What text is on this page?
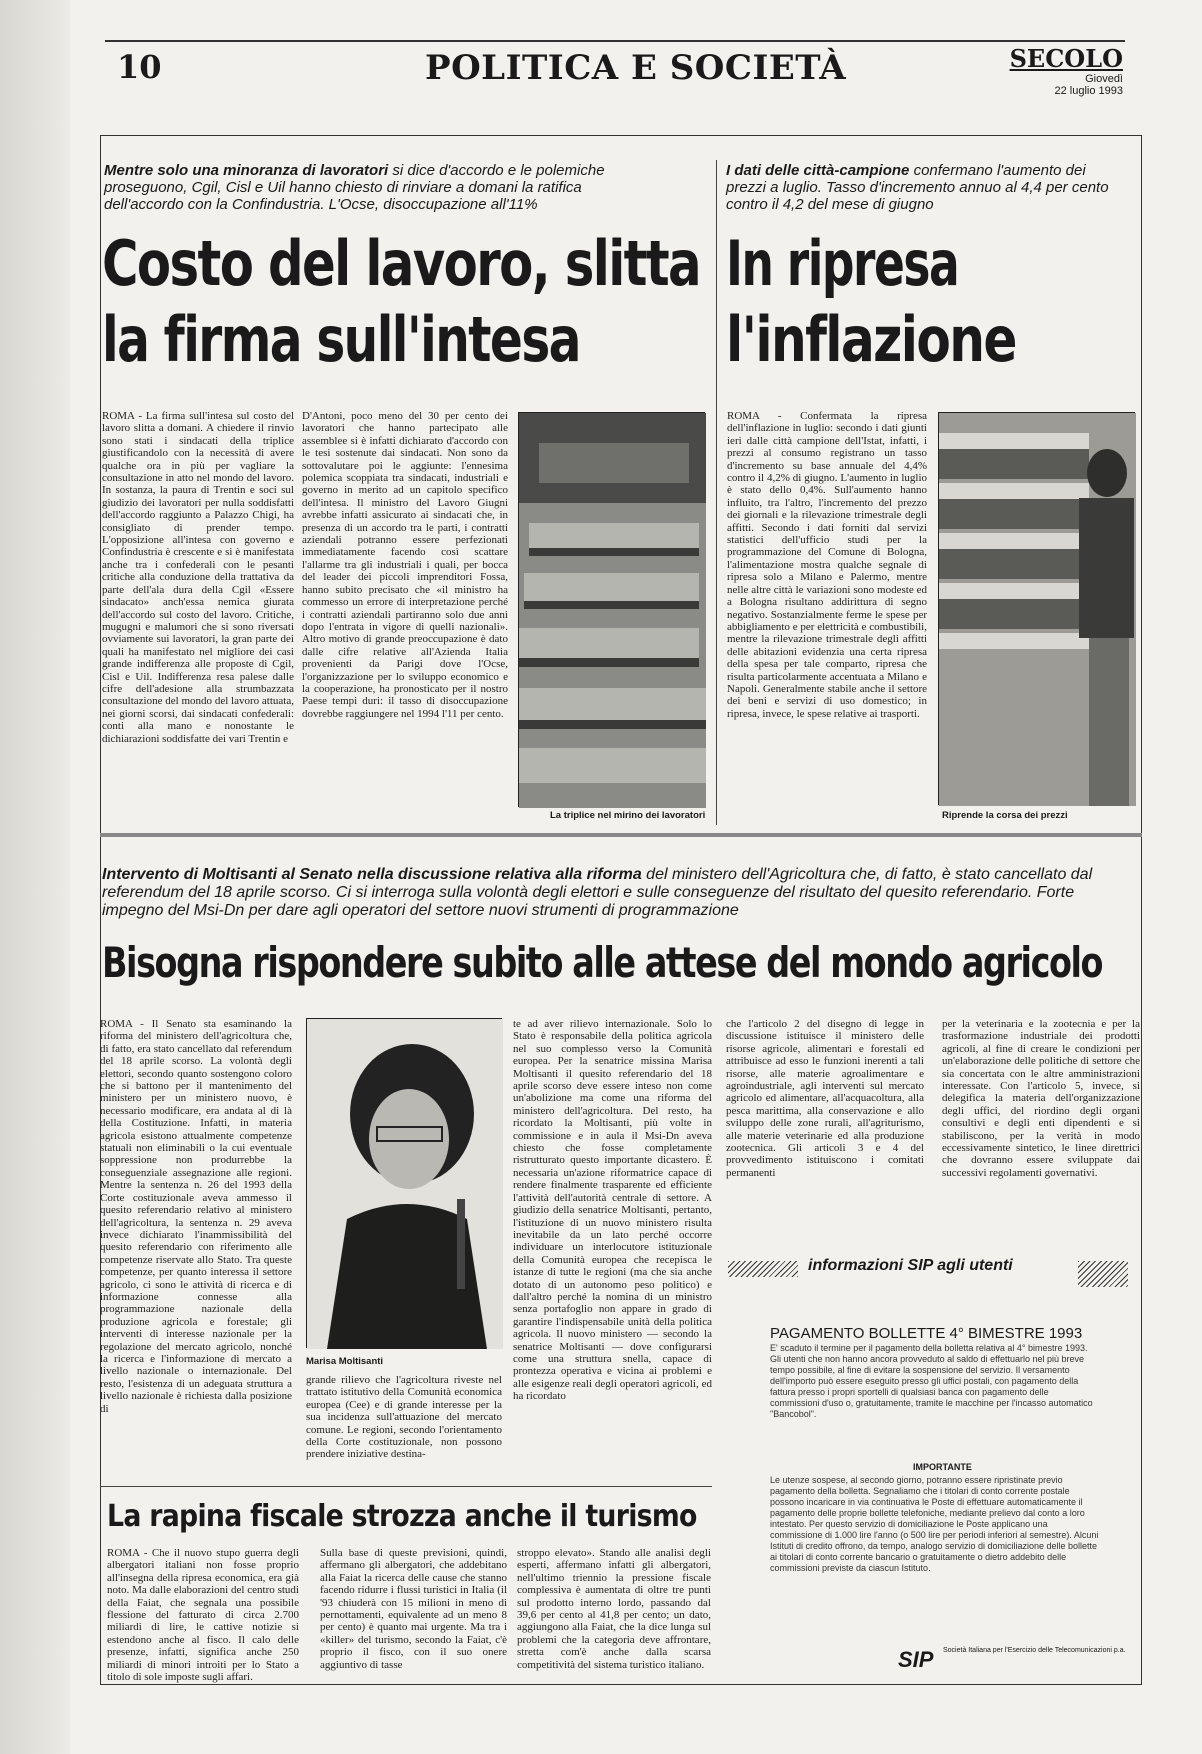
10	POLITICA E SOCIETÀ	SECOLO
Giovedì
22 luglio 1993
Mentre solo una minoranza di lavoratori si dice d'accordo e le polemiche proseguono, Cgil, Cisl e Uil hanno chiesto di rinviare a domani la ratifica dell'accordo con la Confindustria. L'Ocse, disoccupazione all'11%
Costo del lavoro, slitta
la firma sull'intesa
ROMA - La firma sull'intesa sul costo del lavoro slitta a domani. A chiedere il rinvio sono stati i sindacati della triplice giustificandolo con la necessità di avere qualche ora in più per vagliare la consultazione in atto nel mondo del lavoro. In sostanza, la paura di Trentin e soci sul giudizio dei lavoratori per nulla soddisfatti dell'accordo raggiunto a Palazzo Chigi, ha consigliato di prender tempo. L'opposizione all'intesa con governo e Confindustria è crescente e si è manifestata anche tra i confederali con le pesanti critiche alla conduzione della trattativa da parte dell'ala dura della Cgil «Essere sindacato» anch'essa nemica giurata dell'accordo sul costo del lavoro. Critiche, mugugni e malumori che si sono riversati ovviamente sui lavoratori, la gran parte dei quali ha manifestato nel migliore dei casi grande indifferenza alle proposte di Cgil, Cisl e Uil. Indifferenza resa palese dalle cifre dell'adesione alla strumbazzata consultazione del mondo del lavoro attuata, nei giorni scorsi, dai sindacati confederali: conti alla mano e nonostante le dichiarazioni soddisfatte dei vari Trentin e
D'Antoni, poco meno del 30 per cento dei lavoratori che hanno partecipato alle assemblee si è infatti dichiarato d'accordo con le tesi sostenute dai sindacati. Non sono da sottovalutare poi le aggiunte: l'ennesima polemica scoppiata tra sindacati, industriali e governo in merito ad un capitolo specifico dell'intesa. Il ministro del Lavoro Giugni avrebbe infatti assicurato ai sindacati che, in presenza di un accordo tra le parti, i contratti aziendali potranno essere perfezionati immediatamente facendo così scattare l'allarme tra gli industriali i quali, per bocca del leader dei piccoli imprenditori Fossa, hanno subito precisato che «il ministro ha commesso un errore di interpretazione perché i contratti aziendali partiranno solo due anni dopo l'entrata in vigore di quelli nazionali». Altro motivo di grande preoccupazione è dato dalle cifre relative all'Azienda Italia provenienti da Parigi dove l'Ocse, l'organizzazione per lo sviluppo economico e la cooperazione, ha pronosticato per il nostro Paese tempi duri: il tasso di disoccupazione dovrebbe raggiungere nel 1994 l'11 per cento.
La triplice nel mirino dei lavoratori
I dati delle città-campione confermano l'aumento dei prezzi a luglio. Tasso d'incremento annuo al 4,4 per cento contro il 4,2 del mese di giugno
In ripresa
l'inflazione
ROMA - Confermata la ripresa dell'inflazione in luglio: secondo i dati giunti ieri dalle città campione dell'Istat, infatti, i prezzi al consumo registrano un tasso d'incremento su base annuale del 4,4% contro il 4,2% di giugno. L'aumento in luglio è stato dello 0,4%. Sull'aumento hanno influito, tra l'altro, l'incremento del prezzo dei giornali e la rilevazione trimestrale degli affitti. Secondo i dati forniti dal servizi statistici dell'ufficio studi per la programmazione del Comune di Bologna, l'alimentazione mostra qualche segnale di ripresa solo a Milano e Palermo, mentre nelle altre città le variazioni sono modeste ed a Bologna risultano addirittura di segno negativo. Sostanzialmente ferme le spese per abbigliamento e per elettricità e combustibili, mentre la rilevazione trimestrale degli affitti delle abitazioni evidenzia una certa ripresa della spesa per tale comparto, ripresa che risulta particolarmente accentuata a Milano e Napoli. Generalmente stabile anche il settore dei beni e servizi di uso domestico; in ripresa, invece, le spese relative ai trasporti.
Riprende la corsa dei prezzi
Intervento di Moltisanti al Senato nella discussione relativa alla riforma del ministero dell'Agricoltura che, di fatto, è stato cancellato dal referendum del 18 aprile scorso. Ci si interroga sulla volontà degli elettori e sulle conseguenze del risultato del quesito referendario. Forte impegno del Msi-Dn per dare agli operatori del settore nuovi strumenti di programmazione
Bisogna rispondere subito alle attese del mondo agricolo
ROMA - Il Senato sta esaminando la riforma del ministero dell'agricoltura che, di fatto, era stato cancellato dal referendum del 18 aprile scorso. La volontà degli elettori, secondo quanto sostengono coloro che si battono per il mantenimento del ministero per un ministero nuovo, è necessario modificare, era andata al di là della Costituzione. Infatti, in materia agricola esistono attualmente competenze statuali non eliminabili o la cui eventuale soppressione non produrrebbe la conseguenziale assegnazione alle regioni. Mentre la sentenza n. 26 del 1993 della Corte costituzionale aveva ammesso il quesito referendario relativo al ministero dell'agricoltura, la sentenza n. 29 aveva invece dichiarato l'inammissibilità del quesito referendario con riferimento alle competenze riservate allo Stato. Tra queste competenze, per quanto interessa il settore agricolo, ci sono le attività di ricerca e di informazione connesse alla programmazione nazionale della produzione agricola e forestale; gli interventi di interesse nazionale per la regolazione del mercato agricolo, nonché la ricerca e l'informazione di mercato a livello nazionale o internazionale. Del resto, l'esistenza di un adeguata struttura a livello nazionale è richiesta dalla posizione di
Marisa Moltisanti
grande rilievo che l'agricoltura riveste nel trattato istitutivo della Comunità economica europea (Cee) e di grande interesse per la sua incidenza sull'attuazione del mercato comune. Le regioni, secondo l'orientamento della Corte costituzionale, non possono prendere iniziative destina-
te ad aver rilievo internazionale. Solo lo Stato è responsabile della politica agricola nel suo complesso verso la Comunità europea. Per la senatrice missina Marisa Moltisanti il quesito referendario del 18 aprile scorso deve essere inteso non come un'abolizione ma come una riforma del ministero dell'agricoltura. Del resto, ha ricordato la Moltisanti, più volte in commissione e in aula il Msi-Dn aveva chiesto che fosse completamente ristrutturato questo importante dicastero. È necessaria un'azione riformatrice capace di rendere finalmente trasparente ed efficiente l'attività dell'autorità centrale di settore. A giudizio della senatrice Moltisanti, pertanto, l'istituzione di un nuovo ministero risulta inevitabile da un lato perché occorre individuare un interlocutore istituzionale della Comunità europea che recepisca le istanze di tutte le regioni (ma che sia anche dotato di un autonomo peso politico) e dall'altro perché la nomina di un ministro senza portafoglio non appare in grado di garantire l'indispensabile unità della politica agricola. Il nuovo ministero — secondo la senatrice Moltisanti — dove configurarsi come una struttura snella, capace di prontezza operativa e vicina ai problemi e alle esigenze reali degli operatori agricoli, ed ha ricordato
che l'articolo 2 del disegno di legge in discussione istituisce il ministero delle risorse agricole, alimentari e forestali ed attribuisce ad esso le funzioni inerenti a tali risorse, alle materie agroalimentare e agroindustriale, agli interventi sul mercato agricolo ed alimentare, all'acquacoltura, alla pesca marittima, alla conservazione e allo sviluppo delle zone rurali, all'agriturismo, alle materie veterinarie ed alla produzione zootecnica. Gli articoli 3 e 4 del provvedimento istituiscono i comitati permanenti
per la veterinaria e la zootecnia e per la trasformazione industriale dei prodotti agricoli, al fine di creare le condizioni per un'elaborazione delle politiche di settore che sia concertata con le altre amministrazioni interessate. Con l'articolo 5, invece, si delegifica la materia dell'organizzazione degli uffici, del riordino degli organi consultivi e degli enti dipendenti e si stabiliscono, per la verità in modo eccessivamente sintetico, le linee direttrici che dovranno essere sviluppate dai successivi regolamenti governativi.
La rapina fiscale strozza anche il turismo
ROMA - Che il nuovo stupo guerra degli albergatori italiani non fosse proprio all'insegna della ripresa economica, era già noto. Ma dalle elaborazioni del centro studi della Faiat, che segnala una possibile flessione del fatturato di circa 2.700 miliardi di lire, le cattive notizie si estendono anche al fisco. Il calo delle presenze, infatti, significa anche 250 miliardi di minori introiti per lo Stato a titolo di sole imposte sugli affari.
Sulla base di queste previsioni, quindi, affermano gli albergatori, che addebitano alla Faiat la ricerca delle cause che stanno facendo ridurre i flussi turistici in Italia (il '93 chiuderà con 15 milioni in meno di pernottamenti, equivalente ad un meno 8 per cento) è quanto mai urgente. Ma tra i «killer» del turismo, secondo la Faiat, c'è proprio il fisco, con il suo onere aggiuntivo di tasse
stroppo elevato». Stando alle analisi degli esperti, affermano infatti gli albergatori, nell'ultimo triennio la pressione fiscale complessiva è aumentata di oltre tre punti sul prodotto interno lordo, passando dal 39,6 per cento al 41,8 per cento; un dato, aggiungono alla Faiat, che la dice lunga sul problemi che la categoria deve affrontare, stretta com'è anche dalla scarsa competitività del sistema turistico italiano.
informazioni SIP agli utenti
PAGAMENTO BOLLETTE 4° BIMESTRE 1993
E' scaduto il termine per il pagamento della bolletta relativa al 4° bimestre 1993. Gli utenti che non hanno ancora provveduto al saldo di effettuarlo nel più breve tempo possibile, al fine di evitare la sospensione del servizio. Il versamento dell'importo può essere eseguito presso gli uffici postali, con pagamento della fattura presso i propri sportelli di qualsiasi banca con pagamento delle commissioni d'uso o, gratuitamente, tramite le macchine per l'incasso automatico "Bancobol".
IMPORTANTE
Le utenze sospese, al secondo giorno, potranno essere ripristinate previo pagamento della bolletta. Segnaliamo che i titolari di conto corrente postale possono incaricare in via continuativa le Poste di effettuare automaticamente il pagamento delle proprie bollette telefoniche, mediante prelievo dal conto a loro intestato. Per questo servizio di domiciliazione le Poste applicano una commissione di 1.000 lire l'anno (o 500 lire per periodi inferiori al semestre). Alcuni Istituti di credito offrono, da tempo, analogo servizio di domiciliazione delle bollette ai titolari di conto corrente bancario o gratuitamente o dietro addebito delle commissioni previste da ciascun Istituto.
SIP Società Italiana per l'Esercizio delle Telecomunicazioni p.a.
